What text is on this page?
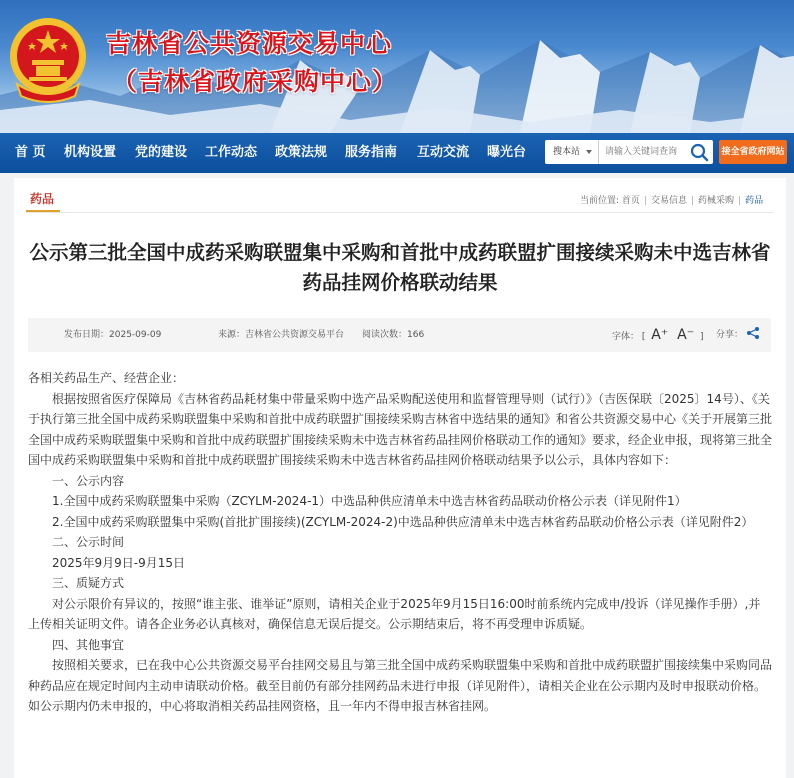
吉林省公共资源交易中心
（吉林省政府采购中心）
首 页 机构设置 党的建设 工作动态 政策法规 服务指南 互动交流 曝光台	搜本站
请输入关键词查询	接全省政府网站
药品	当前位置: 首页 | 交易信息 | 药械采购 | 药品
公示第三批全国中成药采购联盟集中采购和首批中成药联盟扩围接续采购未中选吉林省药品挂网价格联动结果
发布日期：2025-09-09	来源：吉林省公共资源交易平台 阅读次数：166	字体： [ A⁺ A⁻ ] 分享：

各相关药品生产、经营企业：

根据按照省医疗保障局《吉林省药品耗材集中带量采购中选产品采购配送使用和监督管理导则（试行）》（吉医保联〔2025〕14号）、《关于执行第三批全国中成药采购联盟集中采购和首批中成药联盟扩围接续采购吉林省中选结果的通知》和省公共资源交易中心《关于开展第三批全国中成药采购联盟集中采购和首批中成药联盟扩围接续采购未中选吉林省药品挂网价格联动工作的通知》要求，经企业申报，现将第三批全国中成药采购联盟集中采购和首批中成药联盟扩围接续采购未中选吉林省药品挂网价格联动结果予以公示，具体内容如下：

一、公示内容

1.全国中成药采购联盟集中采购（ZCYLM-2024-1）中选品种供应清单未中选吉林省药品联动价格公示表（详见附件1）

2.全国中成药采购联盟集中采购(首批扩围接续)(ZCYLM-2024-2)中选品种供应清单未中选吉林省药品联动价格公示表（详见附件2）

二、公示时间

2025年9月9日-9月15日

三、质疑方式

对公示限价有异议的，按照“谁主张、谁举证”原则，请相关企业于2025年9月15日16:00时前系统内完成申/投诉（详见操作手册）,并上传相关证明文件。请各企业务必认真核对，确保信息无误后提交。公示期结束后，将不再受理申诉质疑。

四、其他事宜

按照相关要求，已在我中心公共资源交易平台挂网交易且与第三批全国中成药采购联盟集中采购和首批中成药联盟扩围接续集中采购同品种药品应在规定时间内主动申请联动价格。截至目前仍有部分挂网药品未进行申报（详见附件），请相关企业在公示期内及时申报联动价格。如公示期内仍未申报的，中心将取消相关药品挂网资格，且一年内不得申报吉林省挂网。
